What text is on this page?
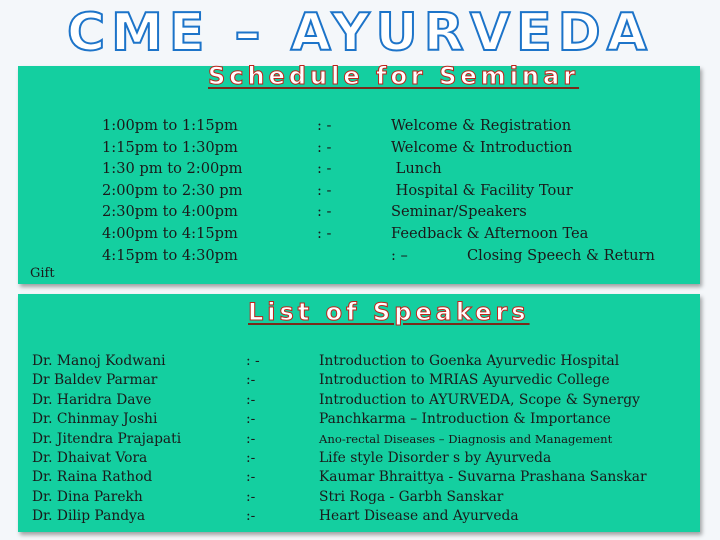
CME – AYURVEDA
Schedule for Seminar
1:00pm to 1:15pm
1:15pm to 1:30pm
1:30 pm to 2:00pm
2:00pm to 2:30 pm
2:30pm to 4:00pm
4:00pm to 4:15pm
4:15pm to 4:30pm
: -
: -
: -
: -
: -
: -
Welcome & Registration
Welcome & Introduction
Lunch
Hospital & Facility Tour
Seminar/Speakers
Feedback & Afternoon Tea
: –	Closing Speech & Return
Gift
List of Speakers
Dr. Manoj Kodwani
Dr Baldev Parmar
Dr. Haridra Dave
Dr. Chinmay Joshi
Dr. Jitendra Prajapati
Dr. Dhaivat Vora
Dr. Raina Rathod
Dr. Dina Parekh
Dr. Dilip Pandya
: -
:-
:-
:-
:-
:-
:-
:-
:-
Introduction to Goenka Ayurvedic Hospital
Introduction to MRIAS Ayurvedic College
Introduction to AYURVEDA, Scope & Synergy
Panchkarma – Introduction & Importance
Ano-rectal Diseases – Diagnosis and Management
Life style Disorder s by Ayurveda
Kaumar Bhraittya - Suvarna Prashana Sanskar
Stri Roga - Garbh Sanskar
Heart Disease and Ayurveda
